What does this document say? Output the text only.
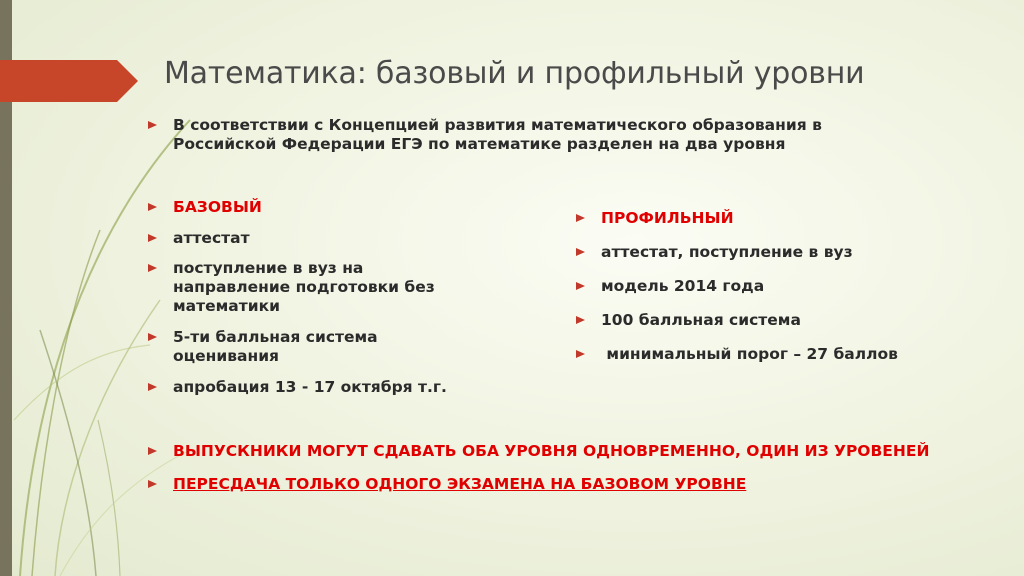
Математика: базовый и профильный уровни
В соответствии с Концепцией развития математического образования в
Российской Федерации ЕГЭ по математике разделен на два уровня
БАЗОВЫЙ
аттестат
поступление в вуз на
направление подготовки без
математики
5-ти балльная система
оценивания
апробация 13 - 17 октября т.г.
ПРОФИЛЬНЫЙ
аттестат, поступление в вуз
модель 2014 года
100 балльная система
минимальный порог – 27 баллов
ВЫПУСКНИКИ МОГУТ СДАВАТЬ ОБА УРОВНЯ ОДНОВРЕМЕННО, ОДИН ИЗ УРОВЕНЕЙ
ПЕРЕСДАЧА ТОЛЬКО ОДНОГО ЭКЗАМЕНА НА БАЗОВОМ УРОВНЕ
